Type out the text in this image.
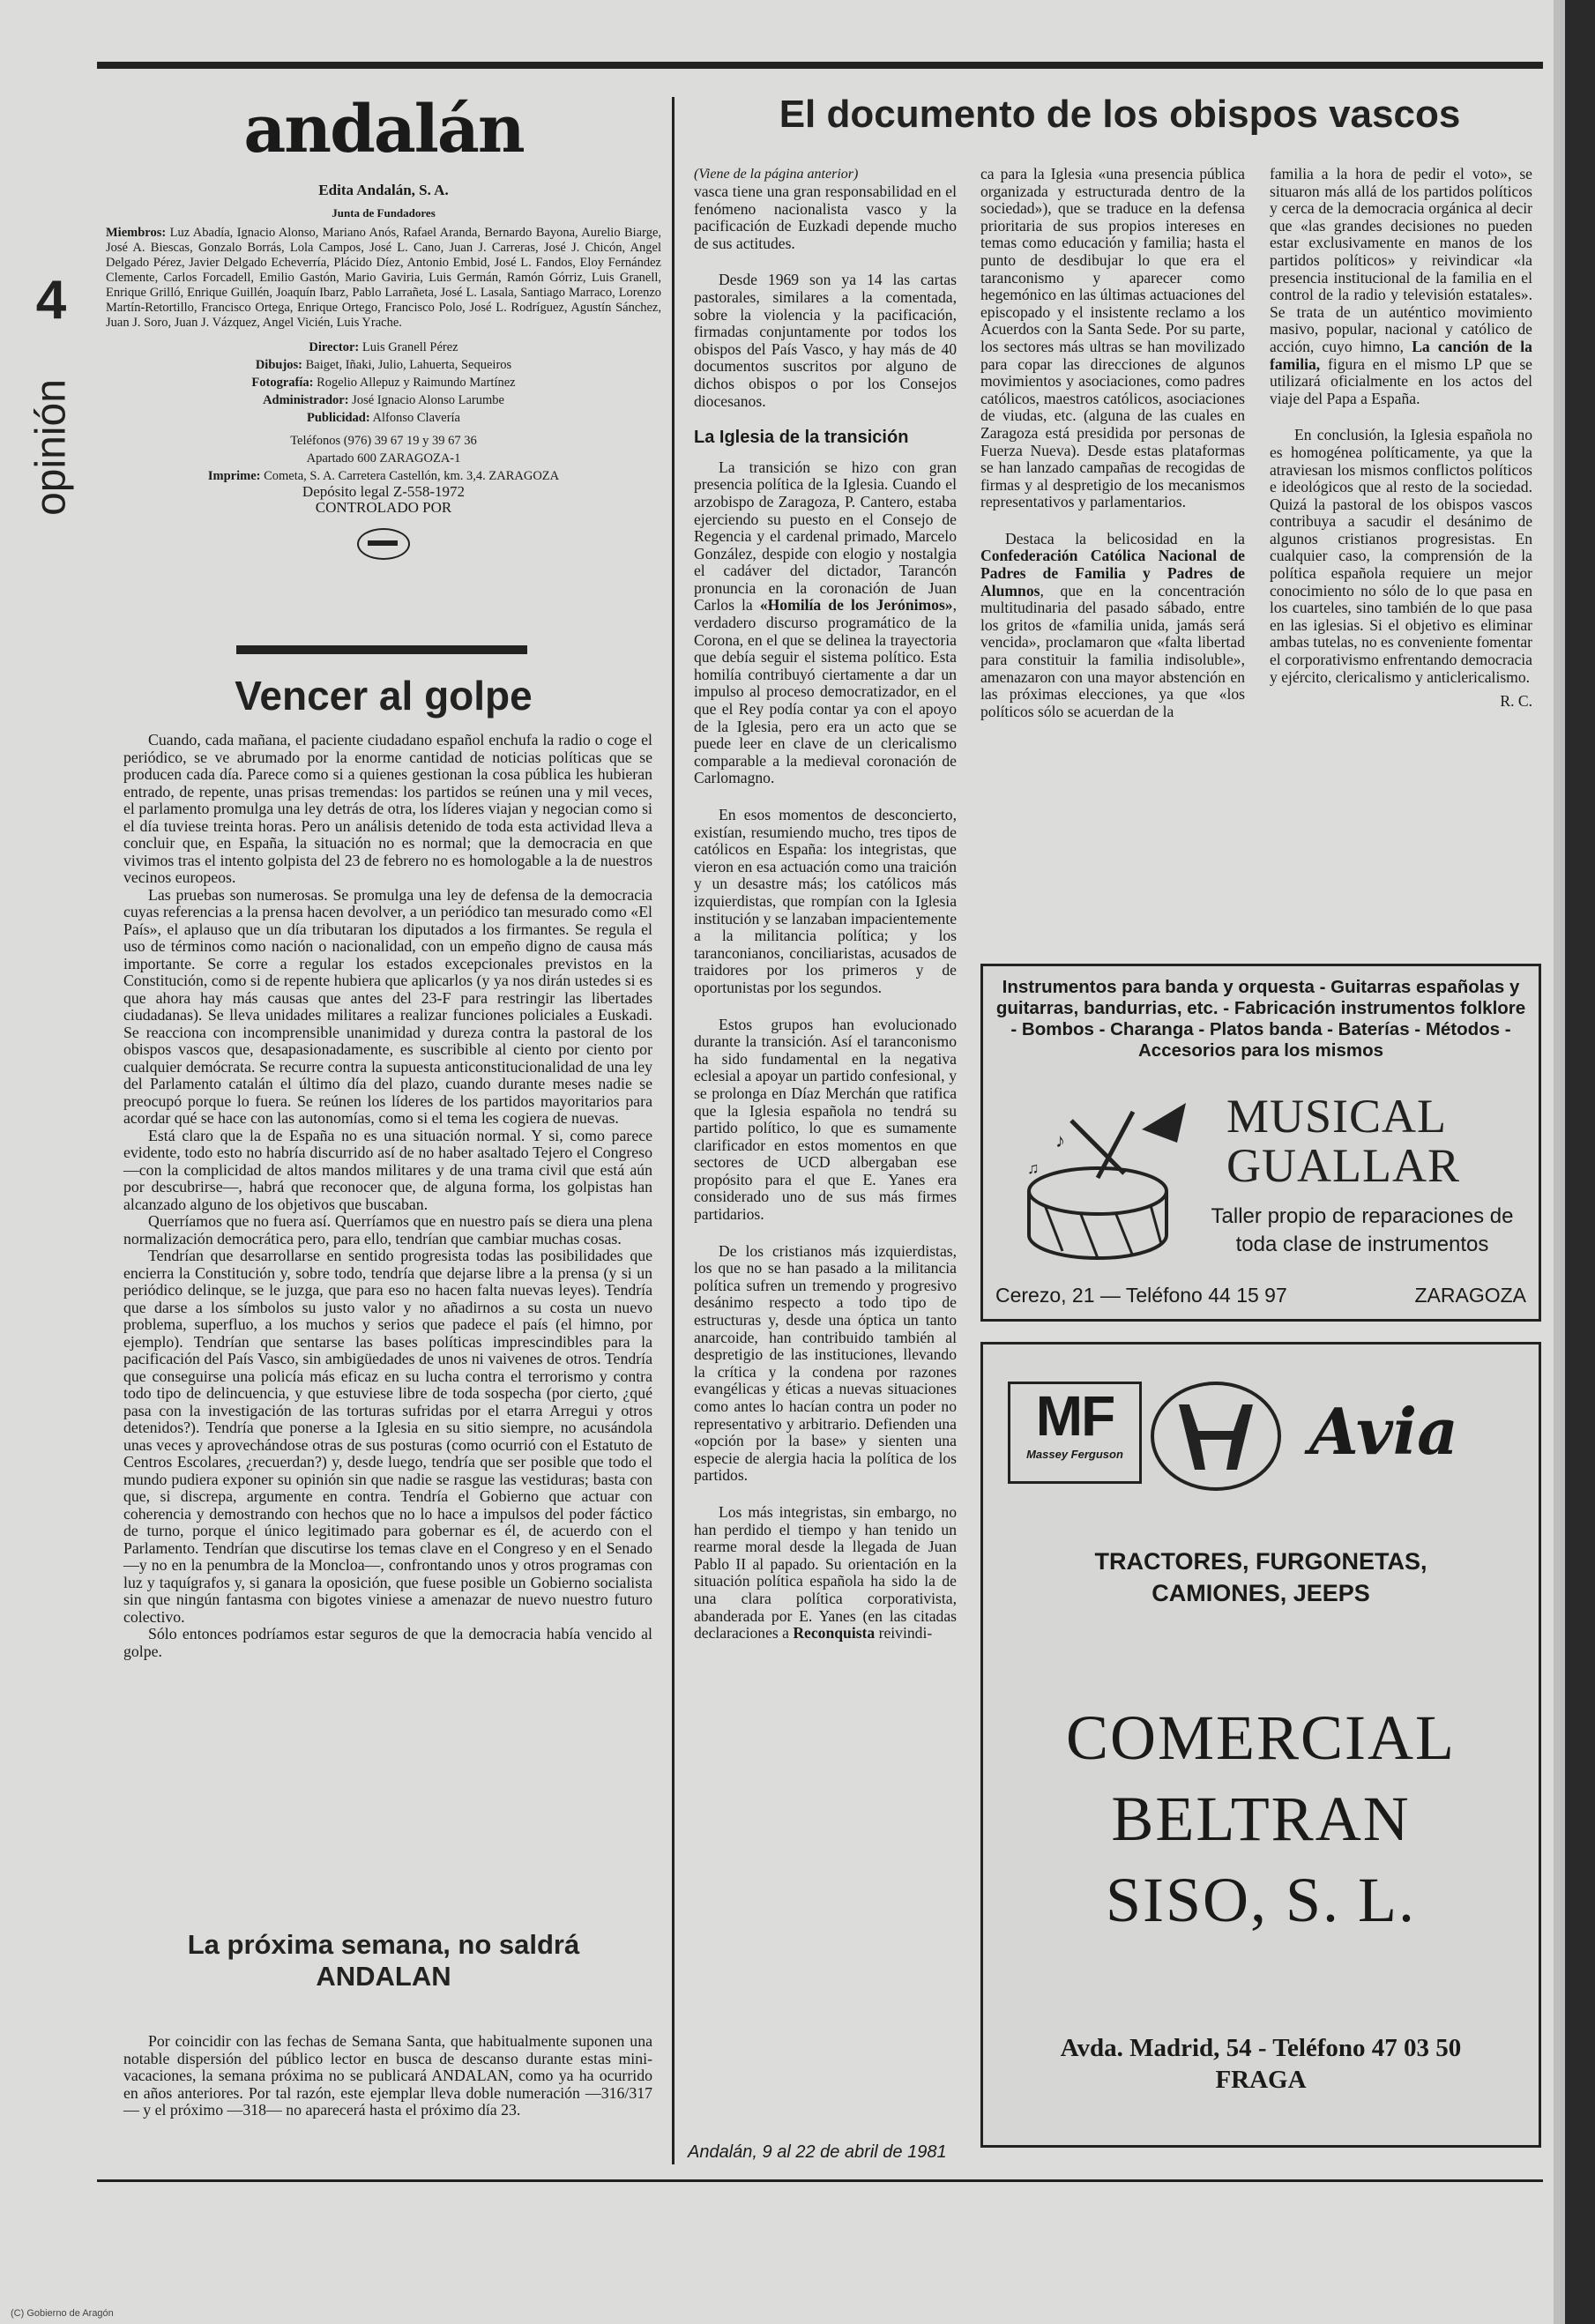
4
opinión
andalán
Edita Andalán, S. A.
Junta de Fundadores
Miembros: Luz Abadía, Ignacio Alonso, Mariano Anós, Rafael Aranda, Bernardo Bayona, Aurelio Biarge, José A. Biescas, Gonzalo Borrás, Lola Campos, José L. Cano, Juan J. Carreras, José J. Chicón, Angel Delgado Pérez, Javier Delgado Echeverría, Plácido Díez, Antonio Embid, José L. Fandos, Eloy Fernández Clemente, Carlos Forcadell, Emilio Gastón, Mario Gaviria, Luis Germán, Ramón Górriz, Luis Granell, Enrique Grilló, Enrique Guillén, Joaquín Ibarz, Pablo Larrañeta, José L. Lasala, Santiago Marraco, Lorenzo Martín-Retortillo, Francisco Ortega, Enrique Ortego, Francisco Polo, José L. Rodríguez, Agustín Sánchez, Juan J. Soro, Juan J. Vázquez, Angel Vicién, Luis Yrache.
Director: Luis Granell Pérez
Dibujos: Baiget, Iñaki, Julio, Lahuerta, Sequeiros
Fotografía: Rogelio Allepuz y Raimundo Martínez
Administrador: José Ignacio Alonso Larumbe
Publicidad: Alfonso Clavería
Teléfonos (976) 39 67 19 y 39 67 36
Apartado 600 ZARAGOZA-1
Imprime: Cometa, S. A. Carretera Castellón, km. 3,4. ZARAGOZA
Depósito legal Z-558-1972
CONTROLADO POR
Vencer al golpe

Cuando, cada mañana, el paciente ciudadano español enchufa la radio o coge el periódico, se ve abrumado por la enorme cantidad de noticias políticas que se producen cada día. Parece como si a quienes gestionan la cosa pública les hubieran entrado, de repente, unas prisas tremendas: los partidos se reúnen una y mil veces, el parlamento promulga una ley detrás de otra, los líderes viajan y negocian como si el día tuviese treinta horas. Pero un análisis detenido de toda esta actividad lleva a concluir que, en España, la situación no es normal; que la democracia en que vivimos tras el intento golpista del 23 de febrero no es homologable a la de nuestros vecinos europeos.

Las pruebas son numerosas. Se promulga una ley de defensa de la democracia cuyas referencias a la prensa hacen devolver, a un periódico tan mesurado como «El País», el aplauso que un día tributaran los diputados a los firmantes. Se regula el uso de términos como nación o nacionalidad, con un empeño digno de causa más importante. Se corre a regular los estados excepcionales previstos en la Constitución, como si de repente hubiera que aplicarlos (y ya nos dirán ustedes si es que ahora hay más causas que antes del 23-F para restringir las libertades ciudadanas). Se lleva unidades militares a realizar funciones policiales a Euskadi. Se reacciona con incomprensible unanimidad y dureza contra la pastoral de los obispos vascos que, desapasionadamente, es suscribible al ciento por ciento por cualquier demócrata. Se recurre contra la supuesta anticonstitucionalidad de una ley del Parlamento catalán el último día del plazo, cuando durante meses nadie se preocupó porque lo fuera. Se reúnen los líderes de los partidos mayoritarios para acordar qué se hace con las autonomías, como si el tema les cogiera de nuevas.

Está claro que la de España no es una situación normal. Y si, como parece evidente, todo esto no habría discurrido así de no haber asaltado Tejero el Congreso —con la complicidad de altos mandos militares y de una trama civil que está aún por descubrirse—, habrá que reconocer que, de alguna forma, los golpistas han alcanzado alguno de los objetivos que buscaban.

Querríamos que no fuera así. Querríamos que en nuestro país se diera una plena normalización democrática pero, para ello, tendrían que cambiar muchas cosas.

Tendrían que desarrollarse en sentido progresista todas las posibilidades que encierra la Constitución y, sobre todo, tendría que dejarse libre a la prensa (y si un periódico delinque, se le juzga, que para eso no hacen falta nuevas leyes). Tendría que darse a los símbolos su justo valor y no añadirnos a su costa un nuevo problema, superfluo, a los muchos y serios que padece el país (el himno, por ejemplo). Tendrían que sentarse las bases políticas imprescindibles para la pacificación del País Vasco, sin ambigüedades de unos ni vaivenes de otros. Tendría que conseguirse una policía más eficaz en su lucha contra el terrorismo y contra todo tipo de delincuencia, y que estuviese libre de toda sospecha (por cierto, ¿qué pasa con la investigación de las torturas sufridas por el etarra Arregui y otros detenidos?). Tendría que ponerse a la Iglesia en su sitio siempre, no acusándola unas veces y aprovechándose otras de sus posturas (como ocurrió con el Estatuto de Centros Escolares, ¿recuerdan?) y, desde luego, tendría que ser posible que todo el mundo pudiera exponer su opinión sin que nadie se rasgue las vestiduras; basta con que, si discrepa, argumente en contra. Tendría el Gobierno que actuar con coherencia y demostrando con hechos que no lo hace a impulsos del poder fáctico de turno, porque el único legitimado para gobernar es él, de acuerdo con el Parlamento. Tendrían que discutirse los temas clave en el Congreso y en el Senado —y no en la penumbra de la Moncloa—, confrontando unos y otros programas con luz y taquígrafos y, si ganara la oposición, que fuese posible un Gobierno socialista sin que ningún fantasma con bigotes viniese a amenazar de nuevo nuestro futuro colectivo.

Sólo entonces podríamos estar seguros de que la democracia había vencido al golpe.

La próxima semana, no saldrá
ANDALAN

Por coincidir con las fechas de Semana Santa, que habitualmente suponen una notable dispersión del público lector en busca de descanso durante estas mini-vacaciones, la semana próxima no se publicará ANDALAN, como ya ha ocurrido en años anteriores. Por tal razón, este ejemplar lleva doble numeración —316/317— y el próximo —318— no aparecerá hasta el próximo día 23.

El documento de los obispos vascos
(Viene de la página anterior)

vasca tiene una gran responsabilidad en el fenómeno nacionalista vasco y la pacificación de Euzkadi depende mucho de sus actitudes.

Desde 1969 son ya 14 las cartas pastorales, similares a la comentada, sobre la violencia y la pacificación, firmadas conjuntamente por todos los obispos del País Vasco, y hay más de 40 documentos suscritos por alguno de dichos obispos o por los Consejos diocesanos.

La Iglesia de la transición

La transición se hizo con gran presencia política de la Iglesia. Cuando el arzobispo de Zaragoza, P. Cantero, estaba ejerciendo su puesto en el Consejo de Regencia y el cardenal primado, Marcelo González, despide con elogio y nostalgia el cadáver del dictador, Tarancón pronuncia en la coronación de Juan Carlos la «Homilía de los Jerónimos», verdadero discurso programático de la Corona, en el que se delinea la trayectoria que debía seguir el sistema político. Esta homilía contribuyó ciertamente a dar un impulso al proceso democratizador, en el que el Rey podía contar ya con el apoyo de la Iglesia, pero era un acto que se puede leer en clave de un clericalismo comparable a la medieval coronación de Carlomagno.

En esos momentos de desconcierto, existían, resumiendo mucho, tres tipos de católicos en España: los integristas, que vieron en esa actuación como una traición y un desastre más; los católicos más izquierdistas, que rompían con la Iglesia institución y se lanzaban impacientemente a la militancia política; y los taranconianos, conciliaristas, acusados de traidores por los primeros y de oportunistas por los segundos.

Estos grupos han evolucionado durante la transición. Así el taranconismo ha sido fundamental en la negativa eclesial a apoyar un partido confesional, y se prolonga en Díaz Merchán que ratifica que la Iglesia española no tendrá su partido político, lo que es sumamente clarificador en estos momentos en que sectores de UCD albergaban ese propósito para el que E. Yanes era considerado uno de sus más firmes partidarios.

De los cristianos más izquierdistas, los que no se han pasado a la militancia política sufren un tremendo y progresivo desánimo respecto a todo tipo de estructuras y, desde una óptica un tanto anarcoide, han contribuido también al despretigio de las instituciones, llevando la crítica y la condena por razones evangélicas y éticas a nuevas situaciones como antes lo hacían contra un poder no representativo y arbitrario. Defienden una «opción por la base» y sienten una especie de alergia hacia la política de los partidos.

Los más integristas, sin embargo, no han perdido el tiempo y han tenido un rearme moral desde la llegada de Juan Pablo II al papado. Su orientación en la situación política española ha sido la de una clara política corporativista, abanderada por E. Yanes (en las citadas declaraciones a Reconquista reivindi-

ca para la Iglesia «una presencia pública organizada y estructurada dentro de la sociedad»), que se traduce en la defensa prioritaria de sus propios intereses en temas como educación y familia; hasta el punto de desdibujar lo que era el taranconismo y aparecer como hegemónico en las últimas actuaciones del episcopado y el insistente reclamo a los Acuerdos con la Santa Sede. Por su parte, los sectores más ultras se han movilizado para copar las direcciones de algunos movimientos y asociaciones, como padres católicos, maestros católicos, asociaciones de viudas, etc. (alguna de las cuales en Zaragoza está presidida por personas de Fuerza Nueva). Desde estas plataformas se han lanzado campañas de recogidas de firmas y al despretigio de los mecanismos representativos y parlamentarios.

Destaca la belicosidad en la Confederación Católica Nacional de Padres de Familia y Padres de Alumnos, que en la concentración multitudinaria del pasado sábado, entre los gritos de «familia unida, jamás será vencida», proclamaron que «falta libertad para constituir la familia indisoluble», amenazaron con una mayor abstención en las próximas elecciones, ya que «los políticos sólo se acuerdan de la

familia a la hora de pedir el voto», se situaron más allá de los partidos políticos y cerca de la democracia orgánica al decir que «las grandes decisiones no pueden estar exclusivamente en manos de los partidos políticos» y reivindicar «la presencia institucional de la familia en el control de la radio y televisión estatales». Se trata de un auténtico movimiento masivo, popular, nacional y católico de acción, cuyo himno, La canción de la familia, figura en el mismo LP que se utilizará oficialmente en los actos del viaje del Papa a España.

En conclusión, la Iglesia española no es homogénea políticamente, ya que la atraviesan los mismos conflictos políticos e ideológicos que al resto de la sociedad. Quizá la pastoral de los obispos vascos contribuya a sacudir el desánimo de algunos cristianos progresistas. En cualquier caso, la comprensión de la política española requiere un mejor conocimiento no sólo de lo que pasa en los cuarteles, sino también de lo que pasa en las iglesias. Si el objetivo es eliminar ambas tutelas, no es conveniente fomentar el corporativismo enfrentando democracia y ejército, clericalismo y anticlericalismo.

R. C.
Instrumentos para banda y orquesta - Guitarras españolas y guitarras, bandurrias, etc. - Fabricación instrumentos folklore - Bombos - Charanga - Platos banda - Baterías - Métodos - Accesorios para los mismos
♪
♫
MUSICAL
GUALLAR
Taller propio de reparaciones de toda clase de instrumentos
Cerezo, 21 — Teléfono 44 15 97	ZARAGOZA
MF
Massey Ferguson	Avia
TRACTORES, FURGONETAS,
CAMIONES, JEEPS
COMERCIAL
BELTRAN
SISO, S. L.
Avda. Madrid, 54 - Teléfono 47 03 50
FRAGA
Andalán, 9 al 22 de abril de 1981
(C) Gobierno de Aragón
